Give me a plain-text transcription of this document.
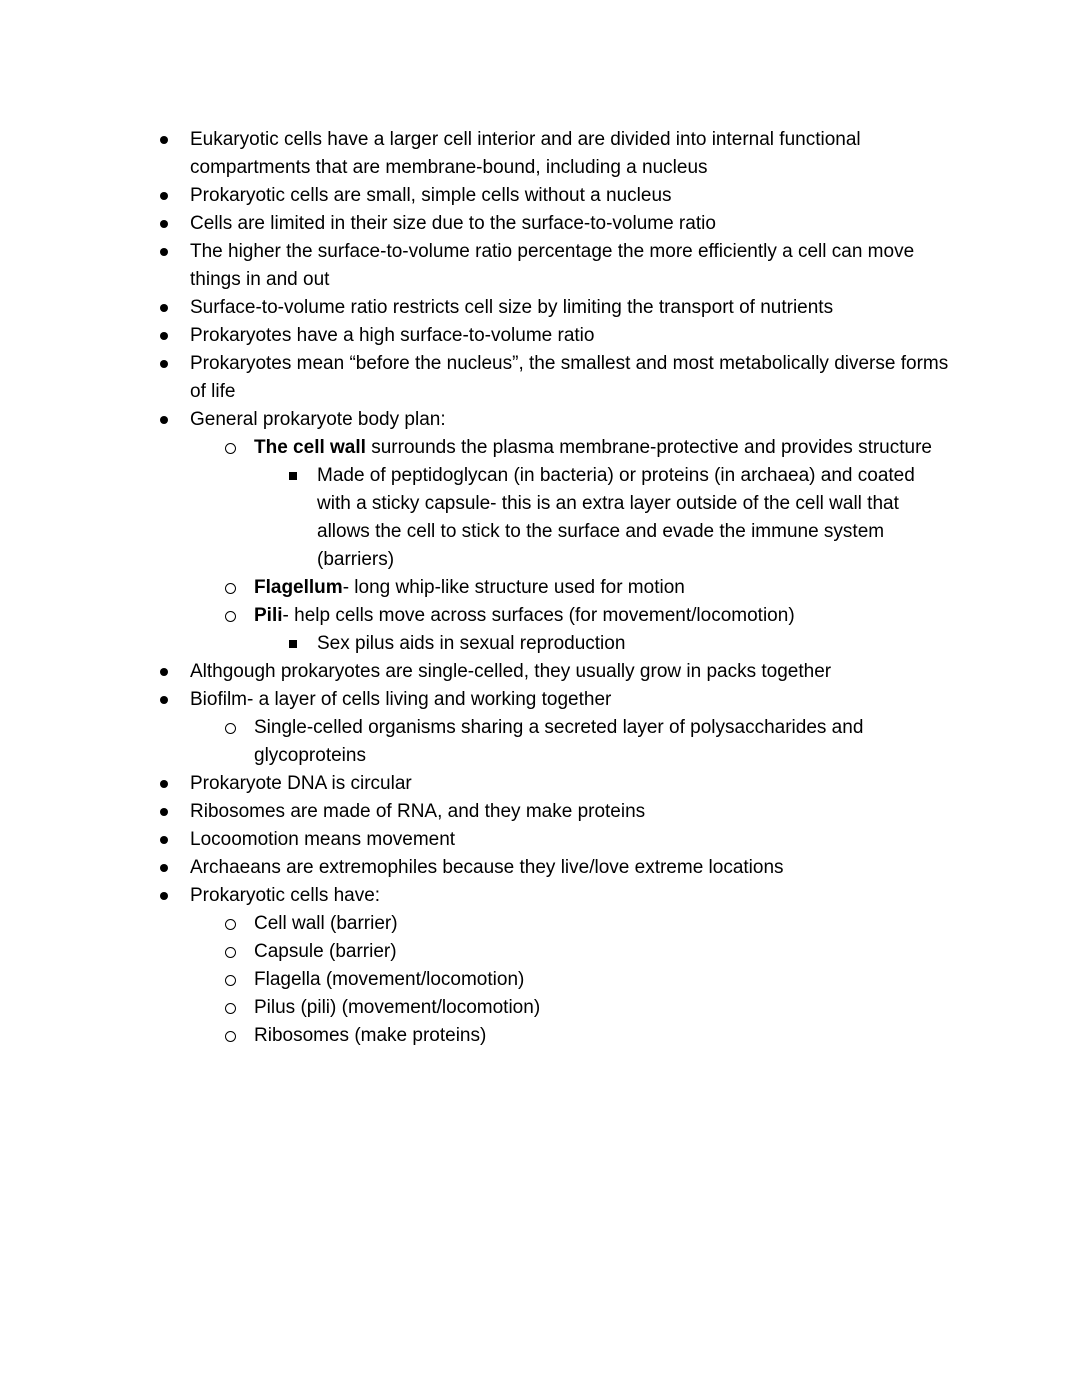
Eukaryotic cells have a larger cell interior and are divided into internal functional compartments that are membrane-bound, including a nucleus
Prokaryotic cells are small, simple cells without a nucleus
Cells are limited in their size due to the surface-to-volume ratio
The higher the surface-to-volume ratio percentage the more efficiently a cell can move things in and out
Surface-to-volume ratio restricts cell size by limiting the transport of nutrients
Prokaryotes have a high surface-to-volume ratio
Prokaryotes mean “before the nucleus”, the smallest and most metabolically diverse forms of life
General prokaryote body plan:
The cell wall surrounds the plasma membrane-protective and provides structure
Made of peptidoglycan (in bacteria) or proteins (in archaea) and coated with a sticky capsule- this is an extra layer outside of the cell wall that allows the cell to stick to the surface and evade the immune system (barriers)
Flagellum- long whip-like structure used for motion
Pili- help cells move across surfaces (for movement/locomotion)
Sex pilus aids in sexual reproduction
Althgough prokaryotes are single-celled, they usually grow in packs together
Biofilm- a layer of cells living and working together
Single-celled organisms sharing a secreted layer of polysaccharides and glycoproteins
Prokaryote DNA is circular
Ribosomes are made of RNA, and they make proteins
Locoomotion means movement
Archaeans are extremophiles because they live/love extreme locations
Prokaryotic cells have:
Cell wall (barrier)
Capsule (barrier)
Flagella (movement/locomotion)
Pilus (pili) (movement/locomotion)
Ribosomes (make proteins)
